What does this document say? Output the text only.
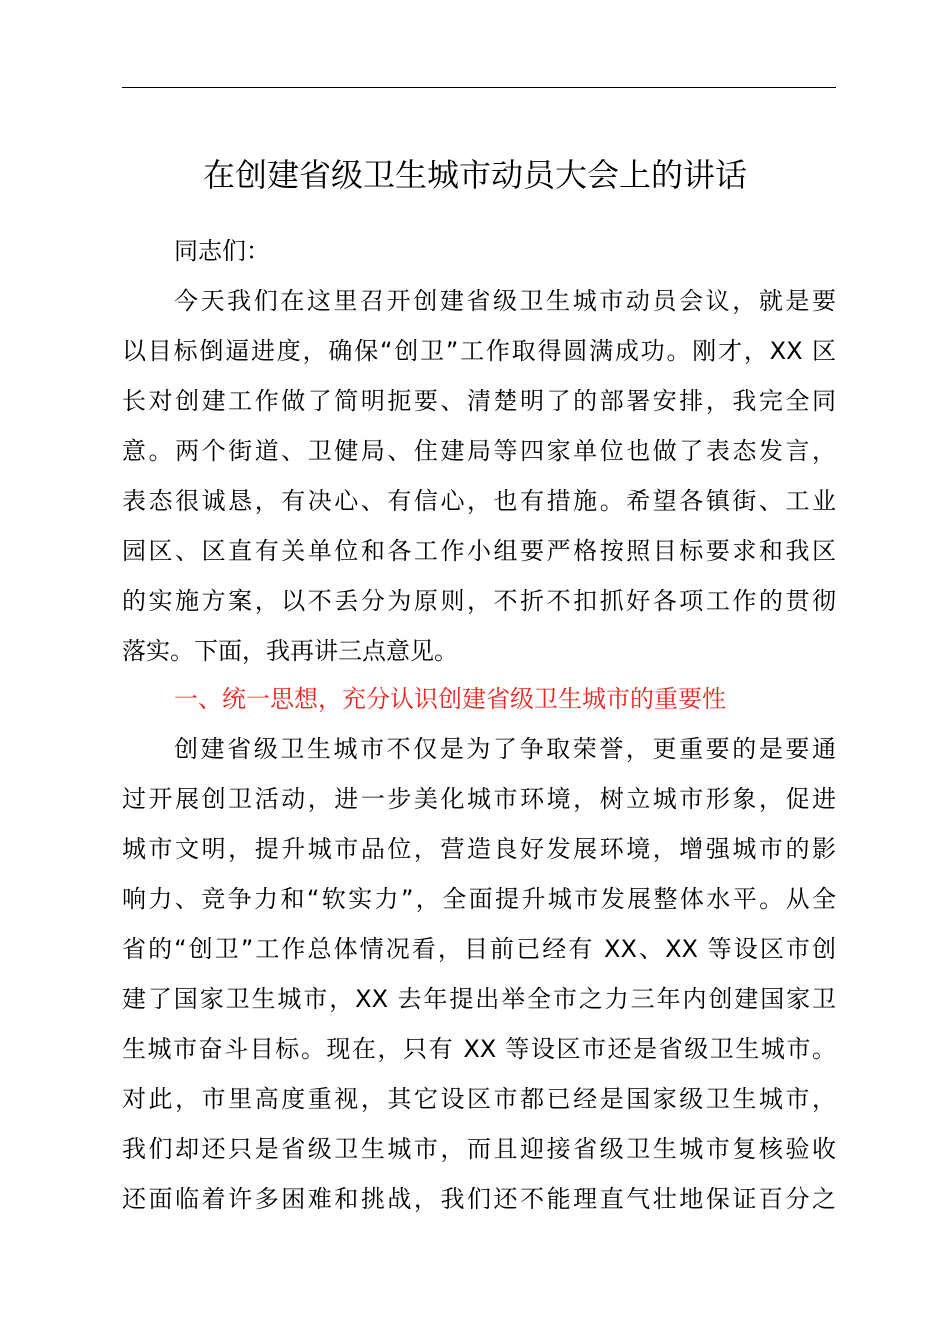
在创建省级卫生城市动员大会上的讲话
同志们：
今天我们在这里召开创建省级卫生城市动员会议，就是要
以目标倒逼进度，确保“创卫”工作取得圆满成功。刚才，XX 区
长对创建工作做了简明扼要、清楚明了的部署安排，我完全同
意。两个街道、卫健局、住建局等四家单位也做了表态发言，
表态很诚恳，有决心、有信心，也有措施。希望各镇街、工业
园区、区直有关单位和各工作小组要严格按照目标要求和我区
的实施方案，以不丢分为原则，不折不扣抓好各项工作的贯彻
落实。下面，我再讲三点意见。
一、统一思想，充分认识创建省级卫生城市的重要性
创建省级卫生城市不仅是为了争取荣誉，更重要的是要通
过开展创卫活动，进一步美化城市环境，树立城市形象，促进
城市文明，提升城市品位，营造良好发展环境，增强城市的影
响力、竞争力和“软实力”，全面提升城市发展整体水平。从全
省的“创卫”工作总体情况看，目前已经有 XX、XX 等设区市创
建了国家卫生城市，XX 去年提出举全市之力三年内创建国家卫
生城市奋斗目标。现在，只有 XX 等设区市还是省级卫生城市。
对此，市里高度重视，其它设区市都已经是国家级卫生城市，
我们却还只是省级卫生城市，而且迎接省级卫生城市复核验收
还面临着许多困难和挑战，我们还不能理直气壮地保证百分之
